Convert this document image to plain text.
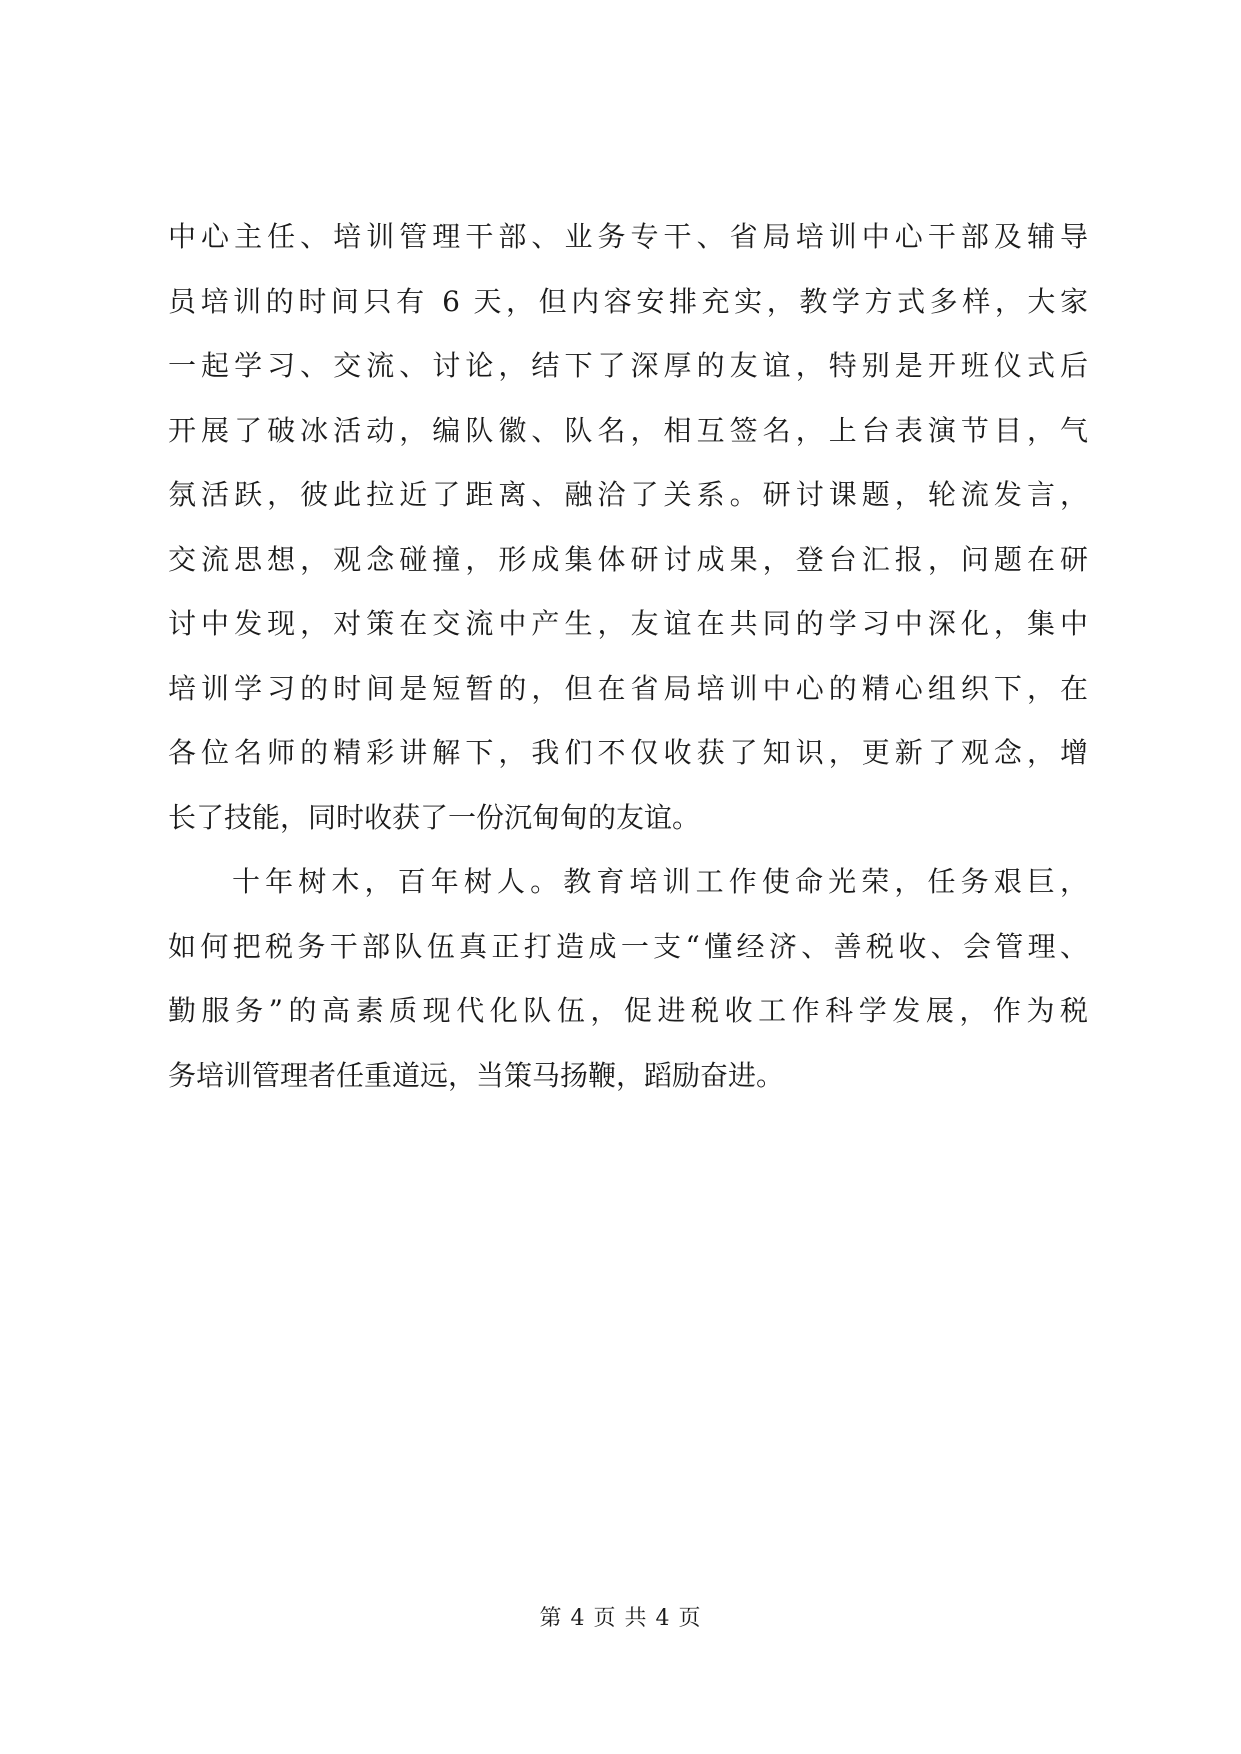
中心主任、培训管理干部、业务专干、省局培训中心干部及辅导
员培训的时间只有 6 天，但内容安排充实，教学方式多样，大家
一起学习、交流、讨论，结下了深厚的友谊，特别是开班仪式后
开展了破冰活动，编队徽、队名，相互签名，上台表演节目，气
氛活跃，彼此拉近了距离、融洽了关系。研讨课题，轮流发言，
交流思想，观念碰撞，形成集体研讨成果，登台汇报，问题在研
讨中发现，对策在交流中产生，友谊在共同的学习中深化，集中
培训学习的时间是短暂的，但在省局培训中心的精心组织下，在
各位名师的精彩讲解下，我们不仅收获了知识，更新了观念，增
长了技能，同时收获了一份沉甸甸的友谊。
十年树木，百年树人。教育培训工作使命光荣，任务艰巨，
如何把税务干部队伍真正打造成一支“懂经济、善税收、会管理、
勤服务”的高素质现代化队伍，促进税收工作科学发展，作为税
务培训管理者任重道远，当策马扬鞭，蹈励奋进。
第 4 页 共 4 页
